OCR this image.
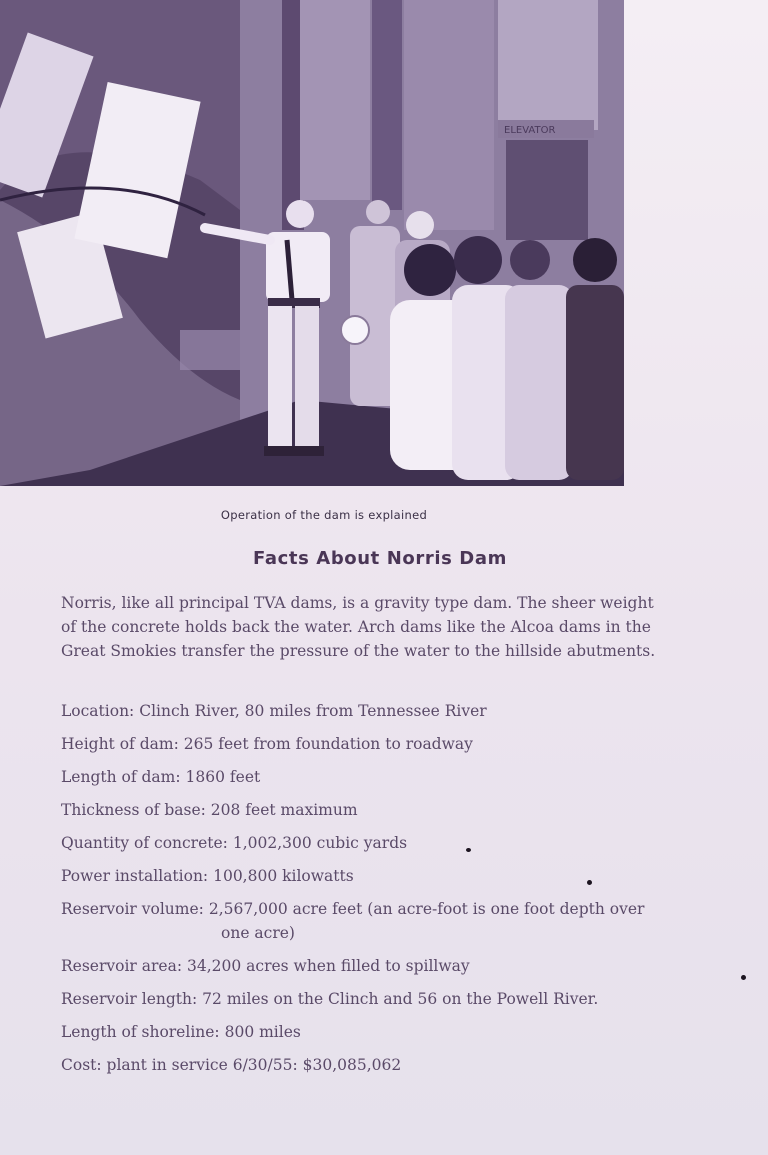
ELEVATOR
Operation of the dam is explained
Facts About Norris Dam
Norris, like all principal TVA dams, is a gravity type dam. The sheer weight
of the concrete holds back the water. Arch dams like the Alcoa dams in the
Great Smokies transfer the pressure of the water to the hillside abutments.
Location: Clinch River, 80 miles from Tennessee River
Height of dam: 265 feet from foundation to roadway
Length of dam: 1860 feet
Thickness of base: 208 feet maximum
Quantity of concrete: 1,002,300 cubic yards
Power installation: 100,800 kilowatts
Reservoir volume: 2,567,000 acre feet (an acre-foot is one foot depth over
one acre)
Reservoir area: 34,200 acres when filled to spillway
Reservoir length: 72 miles on the Clinch and 56 on the Powell River.
Length of shoreline: 800 miles
Cost: plant in service 6/30/55: $30,085,062
